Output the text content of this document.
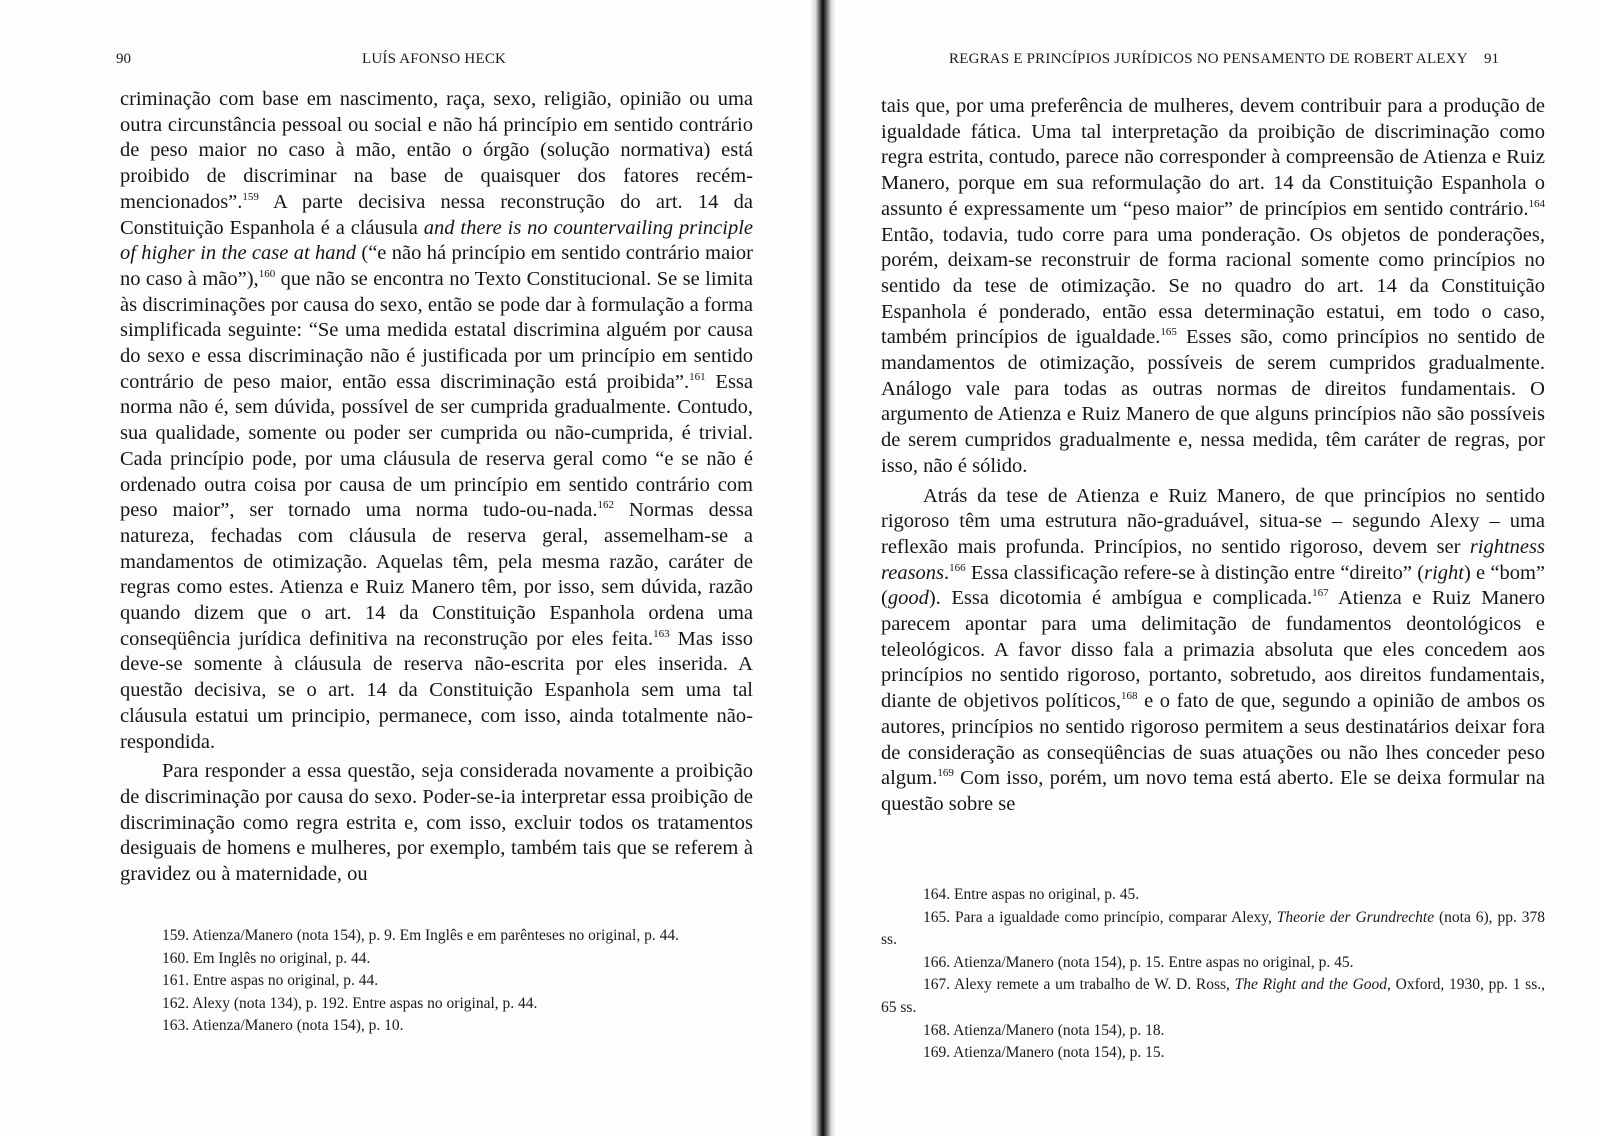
90	LUÍS AFONSO HECK

criminação com base em nascimento, raça, sexo, religião, opinião ou uma outra circunstância pessoal ou social e não há princípio em sentido contrário de peso maior no caso à mão, então o órgão (solução normativa) está proibido de discriminar na base de quaisquer dos fatores recém-mencionados”.$^{159}$ A parte decisiva nessa reconstrução do art. 14 da Constituição Espanhola é a cláusula and there is no countervailing principle of higher in the case at hand (“e não há princípio em sentido contrário maior no caso à mão”),$^{160}$ que não se encontra no Texto Constitucional. Se se limita às discriminações por causa do sexo, então se pode dar à formulação a forma simplificada seguinte: “Se uma medida estatal discrimina alguém por causa do sexo e essa discriminação não é justificada por um princípio em sentido contrário de peso maior, então essa discriminação está proibida”.$^{161}$ Essa norma não é, sem dúvida, possível de ser cumprida gradualmente. Contudo, sua qualidade, somente ou poder ser cumprida ou não-cumprida, é trivial. Cada princípio pode, por uma cláusula de reserva geral como “e se não é ordenado outra coisa por causa de um princípio em sentido contrário com peso maior”, ser tornado uma norma tudo-ou-nada.$^{162}$ Normas dessa natureza, fechadas com cláusula de reserva geral, assemelham-se a mandamentos de otimização. Aquelas têm, pela mesma razão, caráter de regras como estes. Atienza e Ruiz Manero têm, por isso, sem dúvida, razão quando dizem que o art. 14 da Constituição Espanhola ordena uma conseqüência jurídica definitiva na reconstrução por eles feita.$^{163}$ Mas isso deve-se somente à cláusula de reserva não-escrita por eles inserida. A questão decisiva, se o art. 14 da Constituição Espanhola sem uma tal cláusula estatui um principio, permanece, com isso, ainda totalmente não-respondida.

Para responder a essa questão, seja considerada novamente a proibição de discriminação por causa do sexo. Poder-se-ia interpretar essa proibição de discriminação como regra estrita e, com isso, excluir todos os tratamentos desiguais de homens e mulheres, por exemplo, também tais que se referem à gravidez ou à maternidade, ou

159. Atienza/Manero (nota 154), p. 9. Em Inglês e em parênteses no original, p. 44.

160. Em Inglês no original, p. 44.

161. Entre aspas no original, p. 44.

162. Alexy (nota 134), p. 192. Entre aspas no original, p. 44.

163. Atienza/Manero (nota 154), p. 10.

REGRAS E PRINCÍPIOS JURÍDICOS NO PENSAMENTO DE ROBERT ALEXY 91

tais que, por uma preferência de mulheres, devem contribuir para a produção de igualdade fática. Uma tal interpretação da proibição de discriminação como regra estrita, contudo, parece não corresponder à compreensão de Atienza e Ruiz Manero, porque em sua reformulação do art. 14 da Constituição Espanhola o assunto é expressamente um “peso maior” de princípios em sentido contrário.$^{164}$ Então, todavia, tudo corre para uma ponderação. Os objetos de ponderações, porém, deixam-se reconstruir de forma racional somente como princípios no sentido da tese de otimização. Se no quadro do art. 14 da Constituição Espanhola é ponderado, então essa determinação estatui, em todo o caso, também princípios de igualdade.$^{165}$ Esses são, como princípios no sentido de mandamentos de otimização, possíveis de serem cumpridos gradualmente. Análogo vale para todas as outras normas de direitos fundamentais. O argumento de Atienza e Ruiz Manero de que alguns princípios não são possíveis de serem cumpridos gradualmente e, nessa medida, têm caráter de regras, por isso, não é sólido.

Atrás da tese de Atienza e Ruiz Manero, de que princípios no sentido rigoroso têm uma estrutura não-graduável, situa-se – segundo Alexy – uma reflexão mais profunda. Princípios, no sentido rigoroso, devem ser rightness reasons.$^{166}$ Essa classificação refere-se à distinção entre “direito” (right) e “bom” (good). Essa dicotomia é ambígua e complicada.$^{167}$ Atienza e Ruiz Manero parecem apontar para uma delimitação de fundamentos deontológicos e teleológicos. A favor disso fala a primazia absoluta que eles concedem aos princípios no sentido rigoroso, portanto, sobretudo, aos direitos fundamentais, diante de objetivos políticos,$^{168}$ e o fato de que, segundo a opinião de ambos os autores, princípios no sentido rigoroso permitem a seus destinatários deixar fora de consideração as conseqüências de suas atuações ou não lhes conceder peso algum.$^{169}$ Com isso, porém, um novo tema está aberto. Ele se deixa formular na questão sobre se

164. Entre aspas no original, p. 45.

165. Para a igualdade como princípio, comparar Alexy, Theorie der Grundrechte (nota 6), pp. 378 ss.

166. Atienza/Manero (nota 154), p. 15. Entre aspas no original, p. 45.

167. Alexy remete a um trabalho de W. D. Ross, The Right and the Good, Oxford, 1930, pp. 1 ss., 65 ss.

168. Atienza/Manero (nota 154), p. 18.

169. Atienza/Manero (nota 154), p. 15.
